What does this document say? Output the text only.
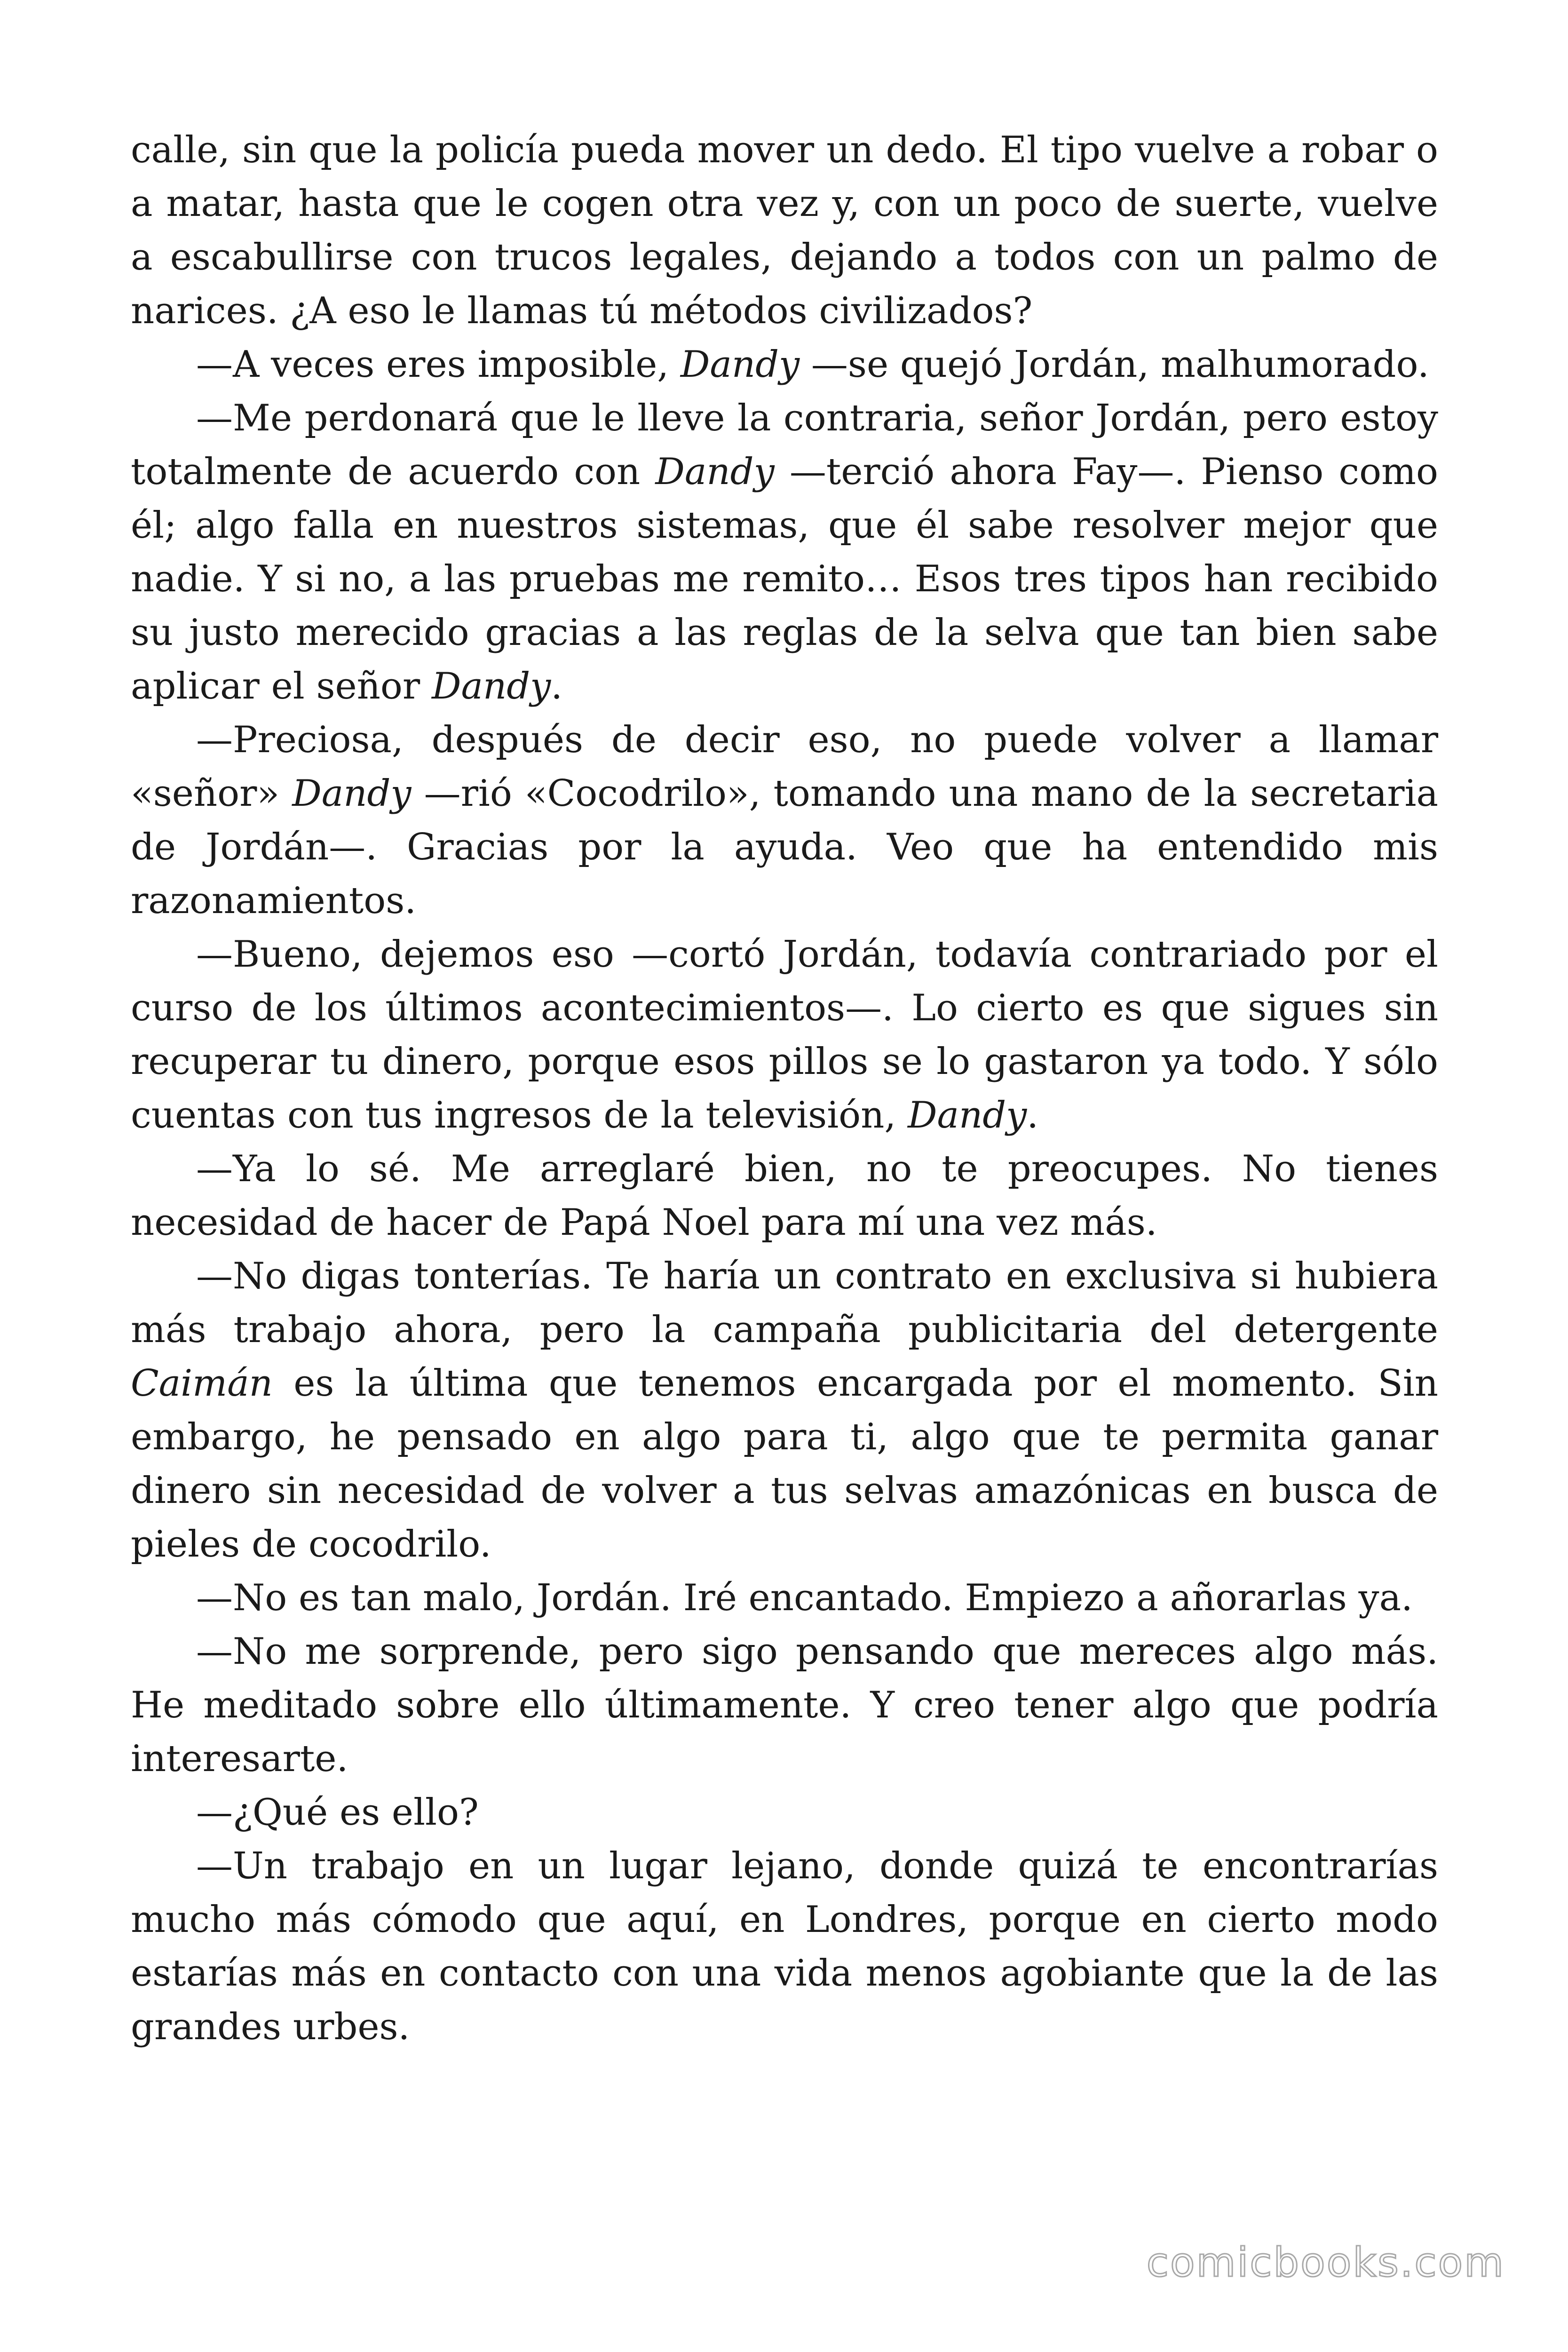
calle, sin que la policía pueda mover un dedo. El tipo vuelve a robar o a matar, hasta que le cogen otra vez y, con un poco de suerte, vuelve a escabullirse con trucos legales, dejando a todos con un palmo de narices. ¿A eso le llamas tú métodos civilizados?

—A veces eres imposible, Dandy —se quejó Jordán, malhumorado.

—Me perdonará que le lleve la contraria, señor Jordán, pero estoy totalmente de acuerdo con Dandy —terció ahora Fay—. Pienso como él; algo falla en nuestros sistemas, que él sabe resolver mejor que nadie. Y si no, a las pruebas me remito… Esos tres tipos han recibido su justo merecido gracias a las reglas de la selva que tan bien sabe aplicar el señor Dandy.

—Preciosa, después de decir eso, no puede volver a llamar «señor» Dandy —rió «Cocodrilo», tomando una mano de la secretaria de Jordán—. Gracias por la ayuda. Veo que ha entendido mis razonamientos.

—Bueno, dejemos eso —cortó Jordán, todavía contrariado por el curso de los últimos acontecimientos—. Lo cierto es que sigues sin recuperar tu dinero, porque esos pillos se lo gastaron ya todo. Y sólo cuentas con tus ingresos de la televisión, Dandy.

—Ya lo sé. Me arreglaré bien, no te preocupes. No tienes necesidad de hacer de Papá Noel para mí una vez más.

—No digas tonterías. Te haría un contrato en exclusiva si hubiera más trabajo ahora, pero la campaña publicitaria del detergente Caimán es la última que tenemos encargada por el momento. Sin embargo, he pensado en algo para ti, algo que te permita ganar dinero sin necesidad de volver a tus selvas amazónicas en busca de pieles de cocodrilo.

—No es tan malo, Jordán. Iré encantado. Empiezo a añorarlas ya.

—No me sorprende, pero sigo pensando que mereces algo más. He meditado sobre ello últimamente. Y creo tener algo que podría interesarte.

—¿Qué es ello?

—Un trabajo en un lugar lejano, donde quizá te encontrarías mucho más cómodo que aquí, en Londres, porque en cierto modo estarías más en contacto con una vida menos agobiante que la de las grandes urbes.

comicbooks.com
